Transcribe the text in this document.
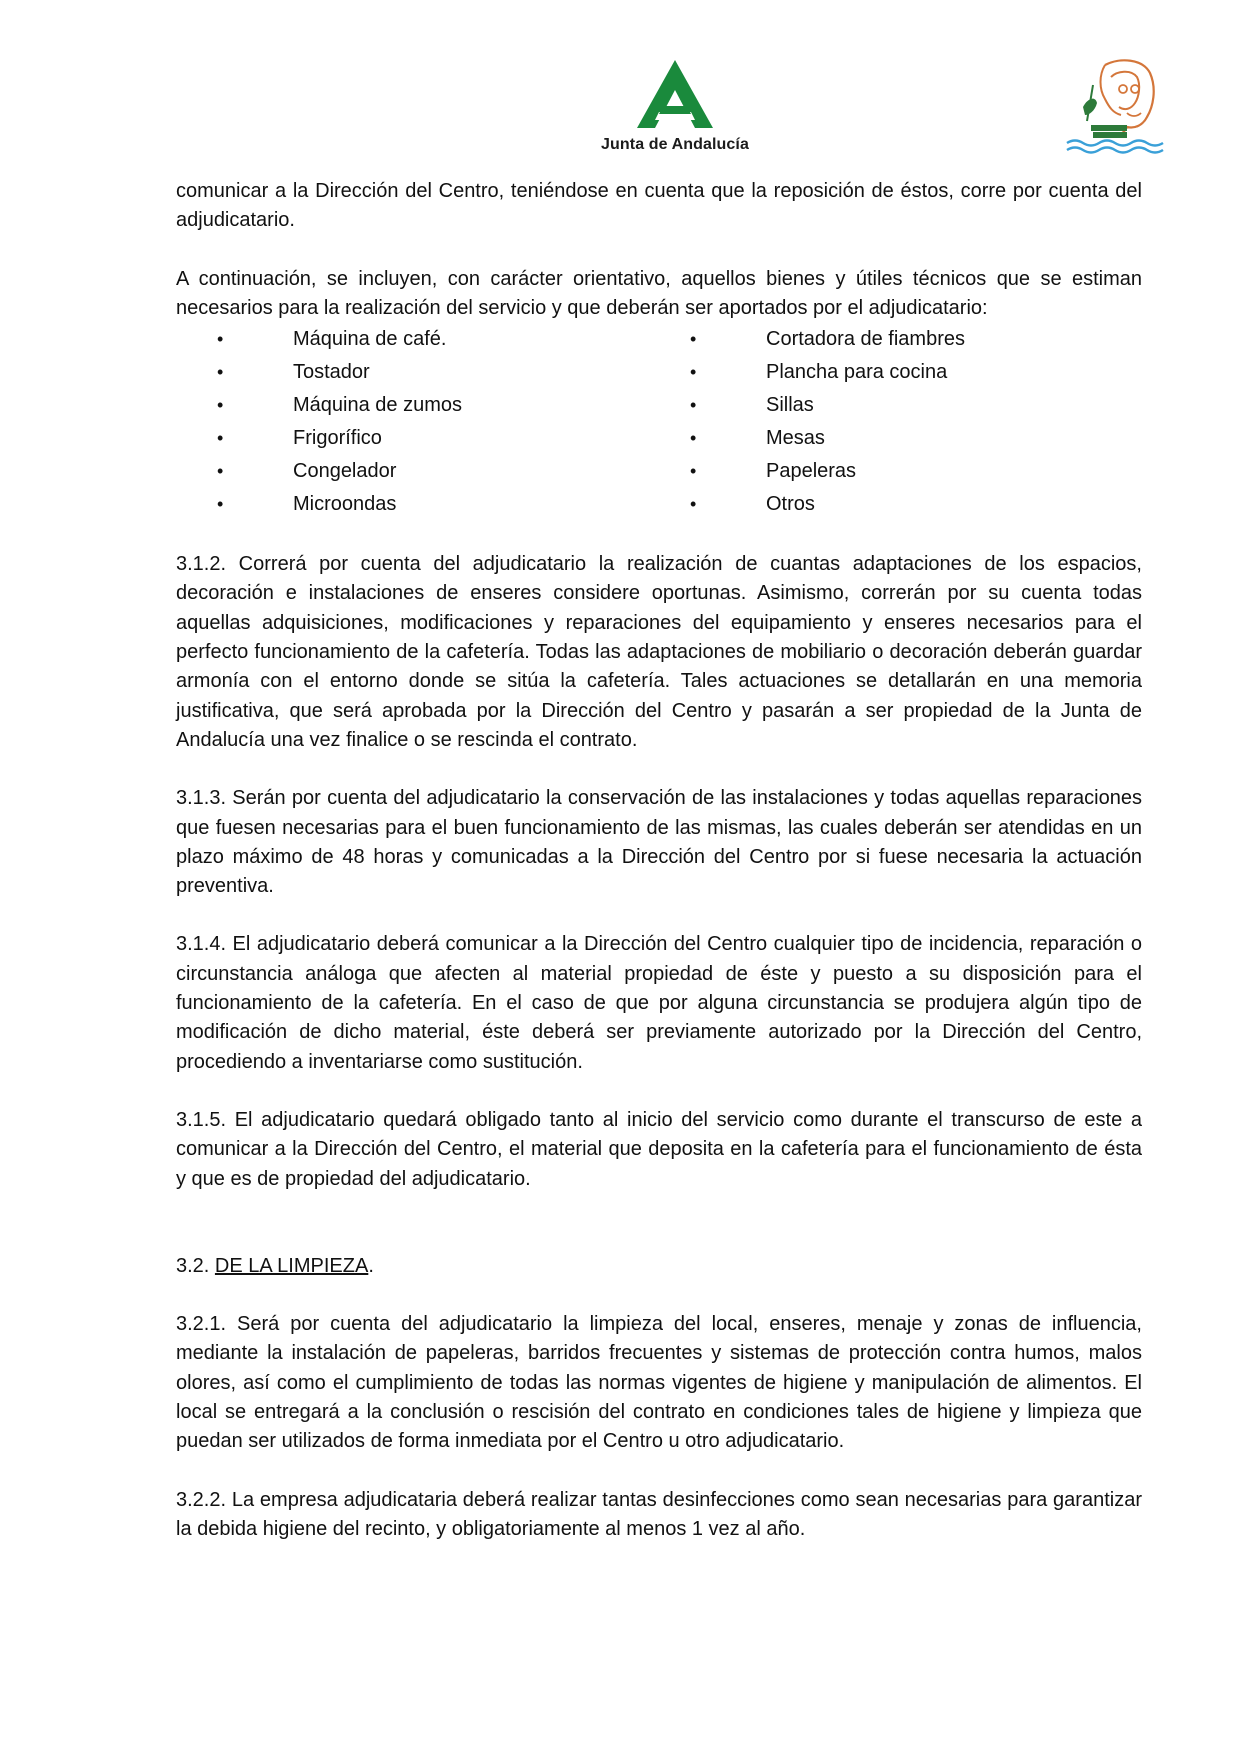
Junta de Andalucía

comunicar a la Dirección del Centro, teniéndose en cuenta que la reposición de éstos, corre por cuenta del adjudicatario.

A continuación, se incluyen, con carácter orientativo, aquellos bienes y útiles técnicos que se estiman necesarios para la realización del servicio y que deberán ser aportados por el adjudicatario:

•	Máquina de café.
•	Tostador
•	Máquina de zumos
•	Frigorífico
•	Congelador
•	Microondas
•	Cortadora de fiambres
•	Plancha para cocina
•	Sillas
•	Mesas
•	Papeleras
•	Otros

3.1.2. Correrá por cuenta del adjudicatario la realización de cuantas adaptaciones de los espacios, decoración e instalaciones de enseres considere oportunas. Asimismo, correrán por su cuenta todas aquellas adquisiciones, modificaciones y reparaciones del equipamiento y enseres necesarios para el perfecto funcionamiento de la cafetería. Todas las adaptaciones de mobiliario o decoración deberán guardar armonía con el entorno donde se sitúa la cafetería. Tales actuaciones se detallarán en una memoria justificativa, que será aprobada por la Dirección del Centro y pasarán a ser propiedad de la Junta de Andalucía una vez finalice o se rescinda el contrato.

3.1.3. Serán por cuenta del adjudicatario la conservación de las instalaciones y todas aquellas reparaciones que fuesen necesarias para el buen funcionamiento de las mismas, las cuales deberán ser atendidas en un plazo máximo de 48 horas y comunicadas a la Dirección del Centro por si fuese necesaria la actuación preventiva.

3.1.4. El adjudicatario deberá comunicar a la Dirección del Centro cualquier tipo de incidencia, reparación o circunstancia análoga que afecten al material propiedad de éste y puesto a su disposición para el funcionamiento de la cafetería. En el caso de que por alguna circunstancia se produjera algún tipo de modificación de dicho material, éste deberá ser previamente autorizado por la Dirección del Centro, procediendo a inventariarse como sustitución.

3.1.5. El adjudicatario quedará obligado tanto al inicio del servicio como durante el transcurso de este a comunicar a la Dirección del Centro, el material que deposita en la cafetería para el funcionamiento de ésta y que es de propiedad del adjudicatario.

3.2. DE LA LIMPIEZA.

3.2.1. Será por cuenta del adjudicatario la limpieza del local, enseres, menaje y zonas de influencia, mediante la instalación de papeleras, barridos frecuentes y sistemas de protección contra humos, malos olores, así como el cumplimiento de todas las normas vigentes de higiene y manipulación de alimentos. El local se entregará a la conclusión o rescisión del contrato en condiciones tales de higiene y limpieza que puedan ser utilizados de forma inmediata por el Centro u otro adjudicatario.

3.2.2. La empresa adjudicataria deberá realizar tantas desinfecciones como sean necesarias para garantizar la debida higiene del recinto, y obligatoriamente al menos 1 vez al año.
